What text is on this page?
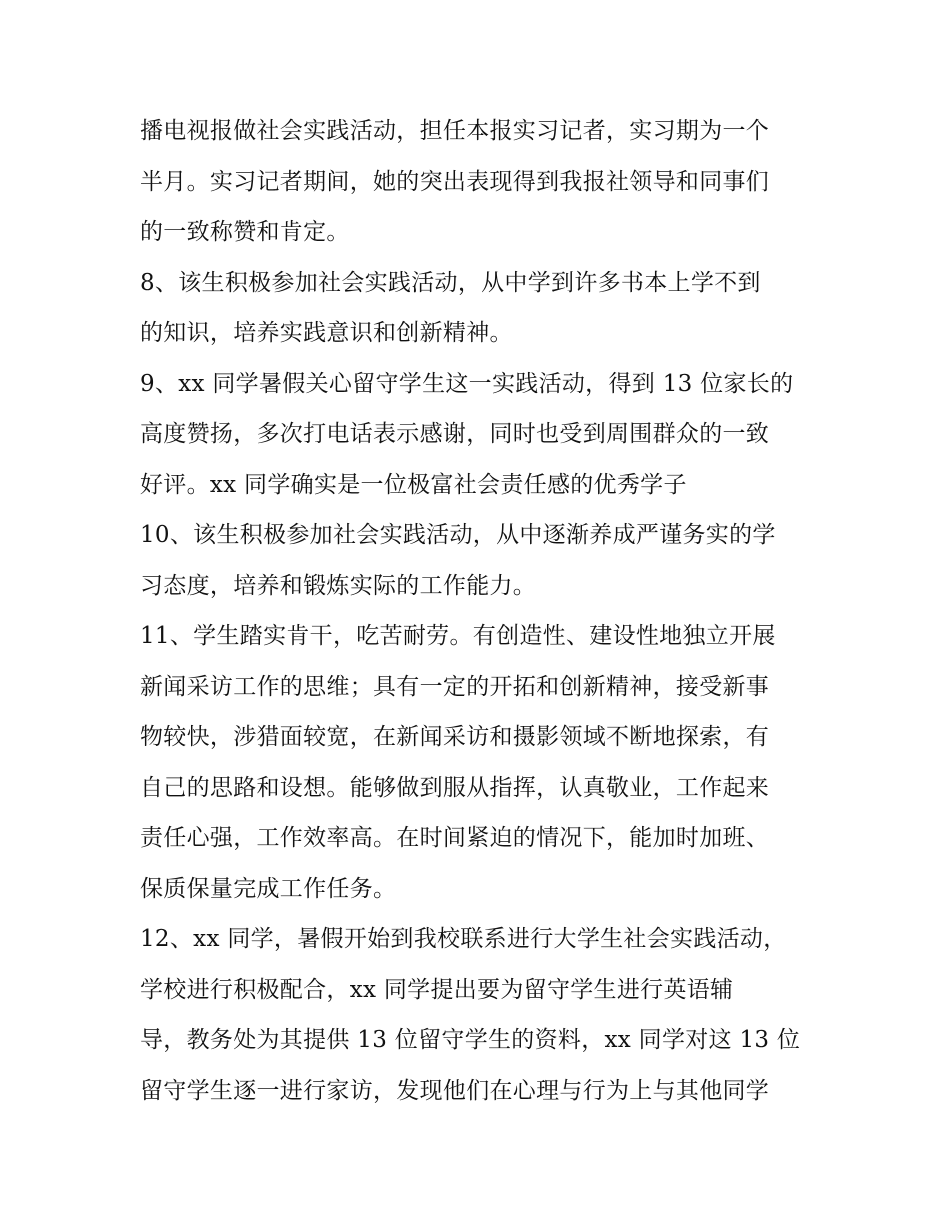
播电视报做社会实践活动，担任本报实习记者，实习期为一个
半月。实习记者期间，她的突出表现得到我报社领导和同事们
的一致称赞和肯定。
8、该生积极参加社会实践活动，从中学到许多书本上学不到
的知识，培养实践意识和创新精神。
9、xx 同学暑假关心留守学生这一实践活动，得到 13 位家长的
高度赞扬，多次打电话表示感谢，同时也受到周围群众的一致
好评。xx 同学确实是一位极富社会责任感的优秀学子
10、该生积极参加社会实践活动，从中逐渐养成严谨务实的学
习态度，培养和锻炼实际的工作能力。
11、学生踏实肯干，吃苦耐劳。有创造性、建设性地独立开展
新闻采访工作的思维；具有一定的开拓和创新精神，接受新事
物较快，涉猎面较宽，在新闻采访和摄影领域不断地探索，有
自己的思路和设想。能够做到服从指挥，认真敬业，工作起来
责任心强，工作效率高。在时间紧迫的情况下，能加时加班、
保质保量完成工作任务。
12、xx 同学，暑假开始到我校联系进行大学生社会实践活动，
学校进行积极配合，xx 同学提出要为留守学生进行英语辅
导，教务处为其提供 13 位留守学生的资料，xx 同学对这 13 位
留守学生逐一进行家访，发现他们在心理与行为上与其他同学
